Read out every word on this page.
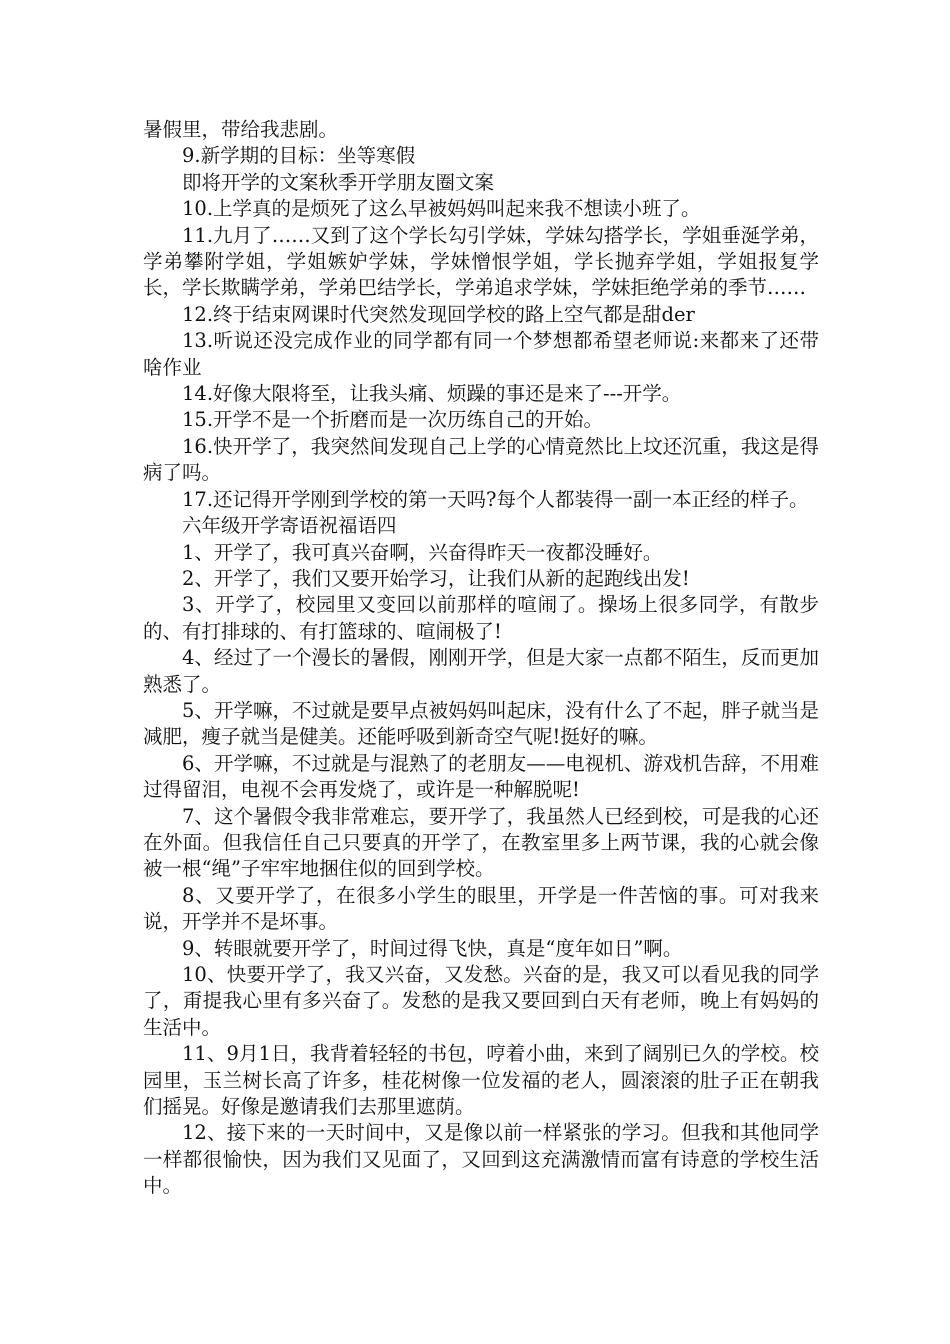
暑假里，带给我悲剧。

9.新学期的目标：坐等寒假

即将开学的文案秋季开学朋友圈文案

10.上学真的是烦死了这么早被妈妈叫起来我不想读小班了。

11.九月了……又到了这个学长勾引学妹，学妹勾搭学长，学姐垂涎学弟，学弟攀附学姐，学姐嫉妒学妹，学妹憎恨学姐，学长抛弃学姐，学姐报复学长，学长欺瞒学弟，学弟巴结学长，学弟追求学妹，学妹拒绝学弟的季节……

12.终于结束网课时代突然发现回学校的路上空气都是甜der

13.听说还没完成作业的同学都有同一个梦想都希望老师说:来都来了还带啥作业

14.好像大限将至，让我头痛、烦躁的事还是来了---开学。

15.开学不是一个折磨而是一次历练自己的开始。

16.快开学了，我突然间发现自己上学的心情竟然比上坟还沉重，我这是得病了吗。

17.还记得开学刚到学校的第一天吗?每个人都装得一副一本正经的样子。

六年级开学寄语祝福语四

1、开学了，我可真兴奋啊，兴奋得昨天一夜都没睡好。

2、开学了，我们又要开始学习，让我们从新的起跑线出发!

3、开学了，校园里又变回以前那样的喧闹了。操场上很多同学，有散步的、有打排球的、有打篮球的、喧闹极了!

4、经过了一个漫长的暑假，刚刚开学，但是大家一点都不陌生，反而更加熟悉了。

5、开学嘛，不过就是要早点被妈妈叫起床，没有什么了不起，胖子就当是减肥，瘦子就当是健美。还能呼吸到新奇空气呢!挺好的嘛。

6、开学嘛，不过就是与混熟了的老朋友——电视机、游戏机告辞，不用难过得留泪，电视不会再发烧了，或许是一种解脱呢!

7、这个暑假令我非常难忘，要开学了，我虽然人已经到校，可是我的心还在外面。但我信任自己只要真的开学了，在教室里多上两节课，我的心就会像被一根“绳”子牢牢地捆住似的回到学校。

8、又要开学了，在很多小学生的眼里，开学是一件苦恼的事。可对我来说，开学并不是坏事。

9、转眼就要开学了，时间过得飞快，真是“度年如日”啊。

10、快要开学了，我又兴奋，又发愁。兴奋的是，我又可以看见我的同学了，甭提我心里有多兴奋了。发愁的是我又要回到白天有老师，晚上有妈妈的生活中。

11、9月1日，我背着轻轻的书包，哼着小曲，来到了阔别已久的学校。校园里，玉兰树长高了许多，桂花树像一位发福的老人，圆滚滚的肚子正在朝我们摇晃。好像是邀请我们去那里遮荫。

12、接下来的一天时间中，又是像以前一样紧张的学习。但我和其他同学一样都很愉快，因为我们又见面了，又回到这充满激情而富有诗意的学校生活中。
